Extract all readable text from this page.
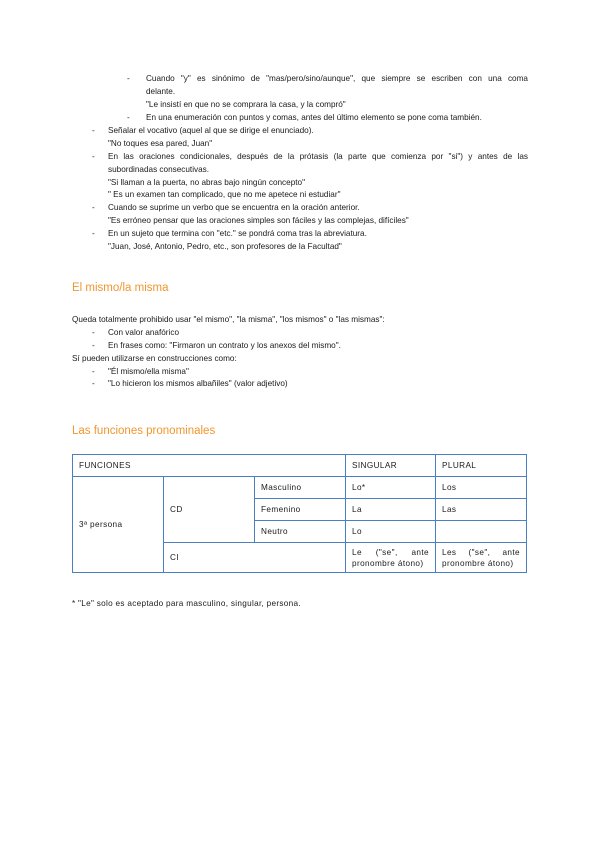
- Cuando "y" es sinónimo de "mas/pero/sino/aunque", que siempre se escriben con una coma
delante.
"Le insistí en que no se comprara la casa, y la compró"
- En una enumeración con puntos y comas, antes del último elemento se pone coma también.
- Señalar el vocativo (aquel al que se dirige el enunciado).
"No toques esa pared, Juan"
- En las oraciones condicionales, después de la prótasis (la parte que comienza por "si") y antes de las
subordinadas consecutivas.
"Si llaman a la puerta, no abras bajo ningún concepto"
" Es un examen tan complicado, que no me apetece ni estudiar"
- Cuando se suprime un verbo que se encuentra en la oración anterior.
"Es erróneo pensar que las oraciones simples son fáciles y las complejas, difíciles"
- En un sujeto que termina con "etc." se pondrá coma tras la abreviatura.
"Juan, José, Antonio, Pedro, etc., son profesores de la Facultad"
El mismo/la misma
Queda totalmente prohibido usar "el mismo", "la misma", "los mismos" o "las mismas":
- Con valor anafórico
- En frases como: "Firmaron un contrato y los anexos del mismo".
Sí pueden utilizarse en construcciones como:
- "Él mismo/ella misma"
- "Lo hicieron los mismos albañiles" (valor adjetivo)
Las funciones pronominales
FUNCIONES			SINGULAR	PLURAL
3ª persona	CD	Masculino	Lo*	Los
		Femenino	La	Las
		Neutro	Lo	
	CI		Le ("se", ante pronombre átono)	Les ("se", ante pronombre átono)
* "Le" solo es aceptado para masculino, singular, persona.
